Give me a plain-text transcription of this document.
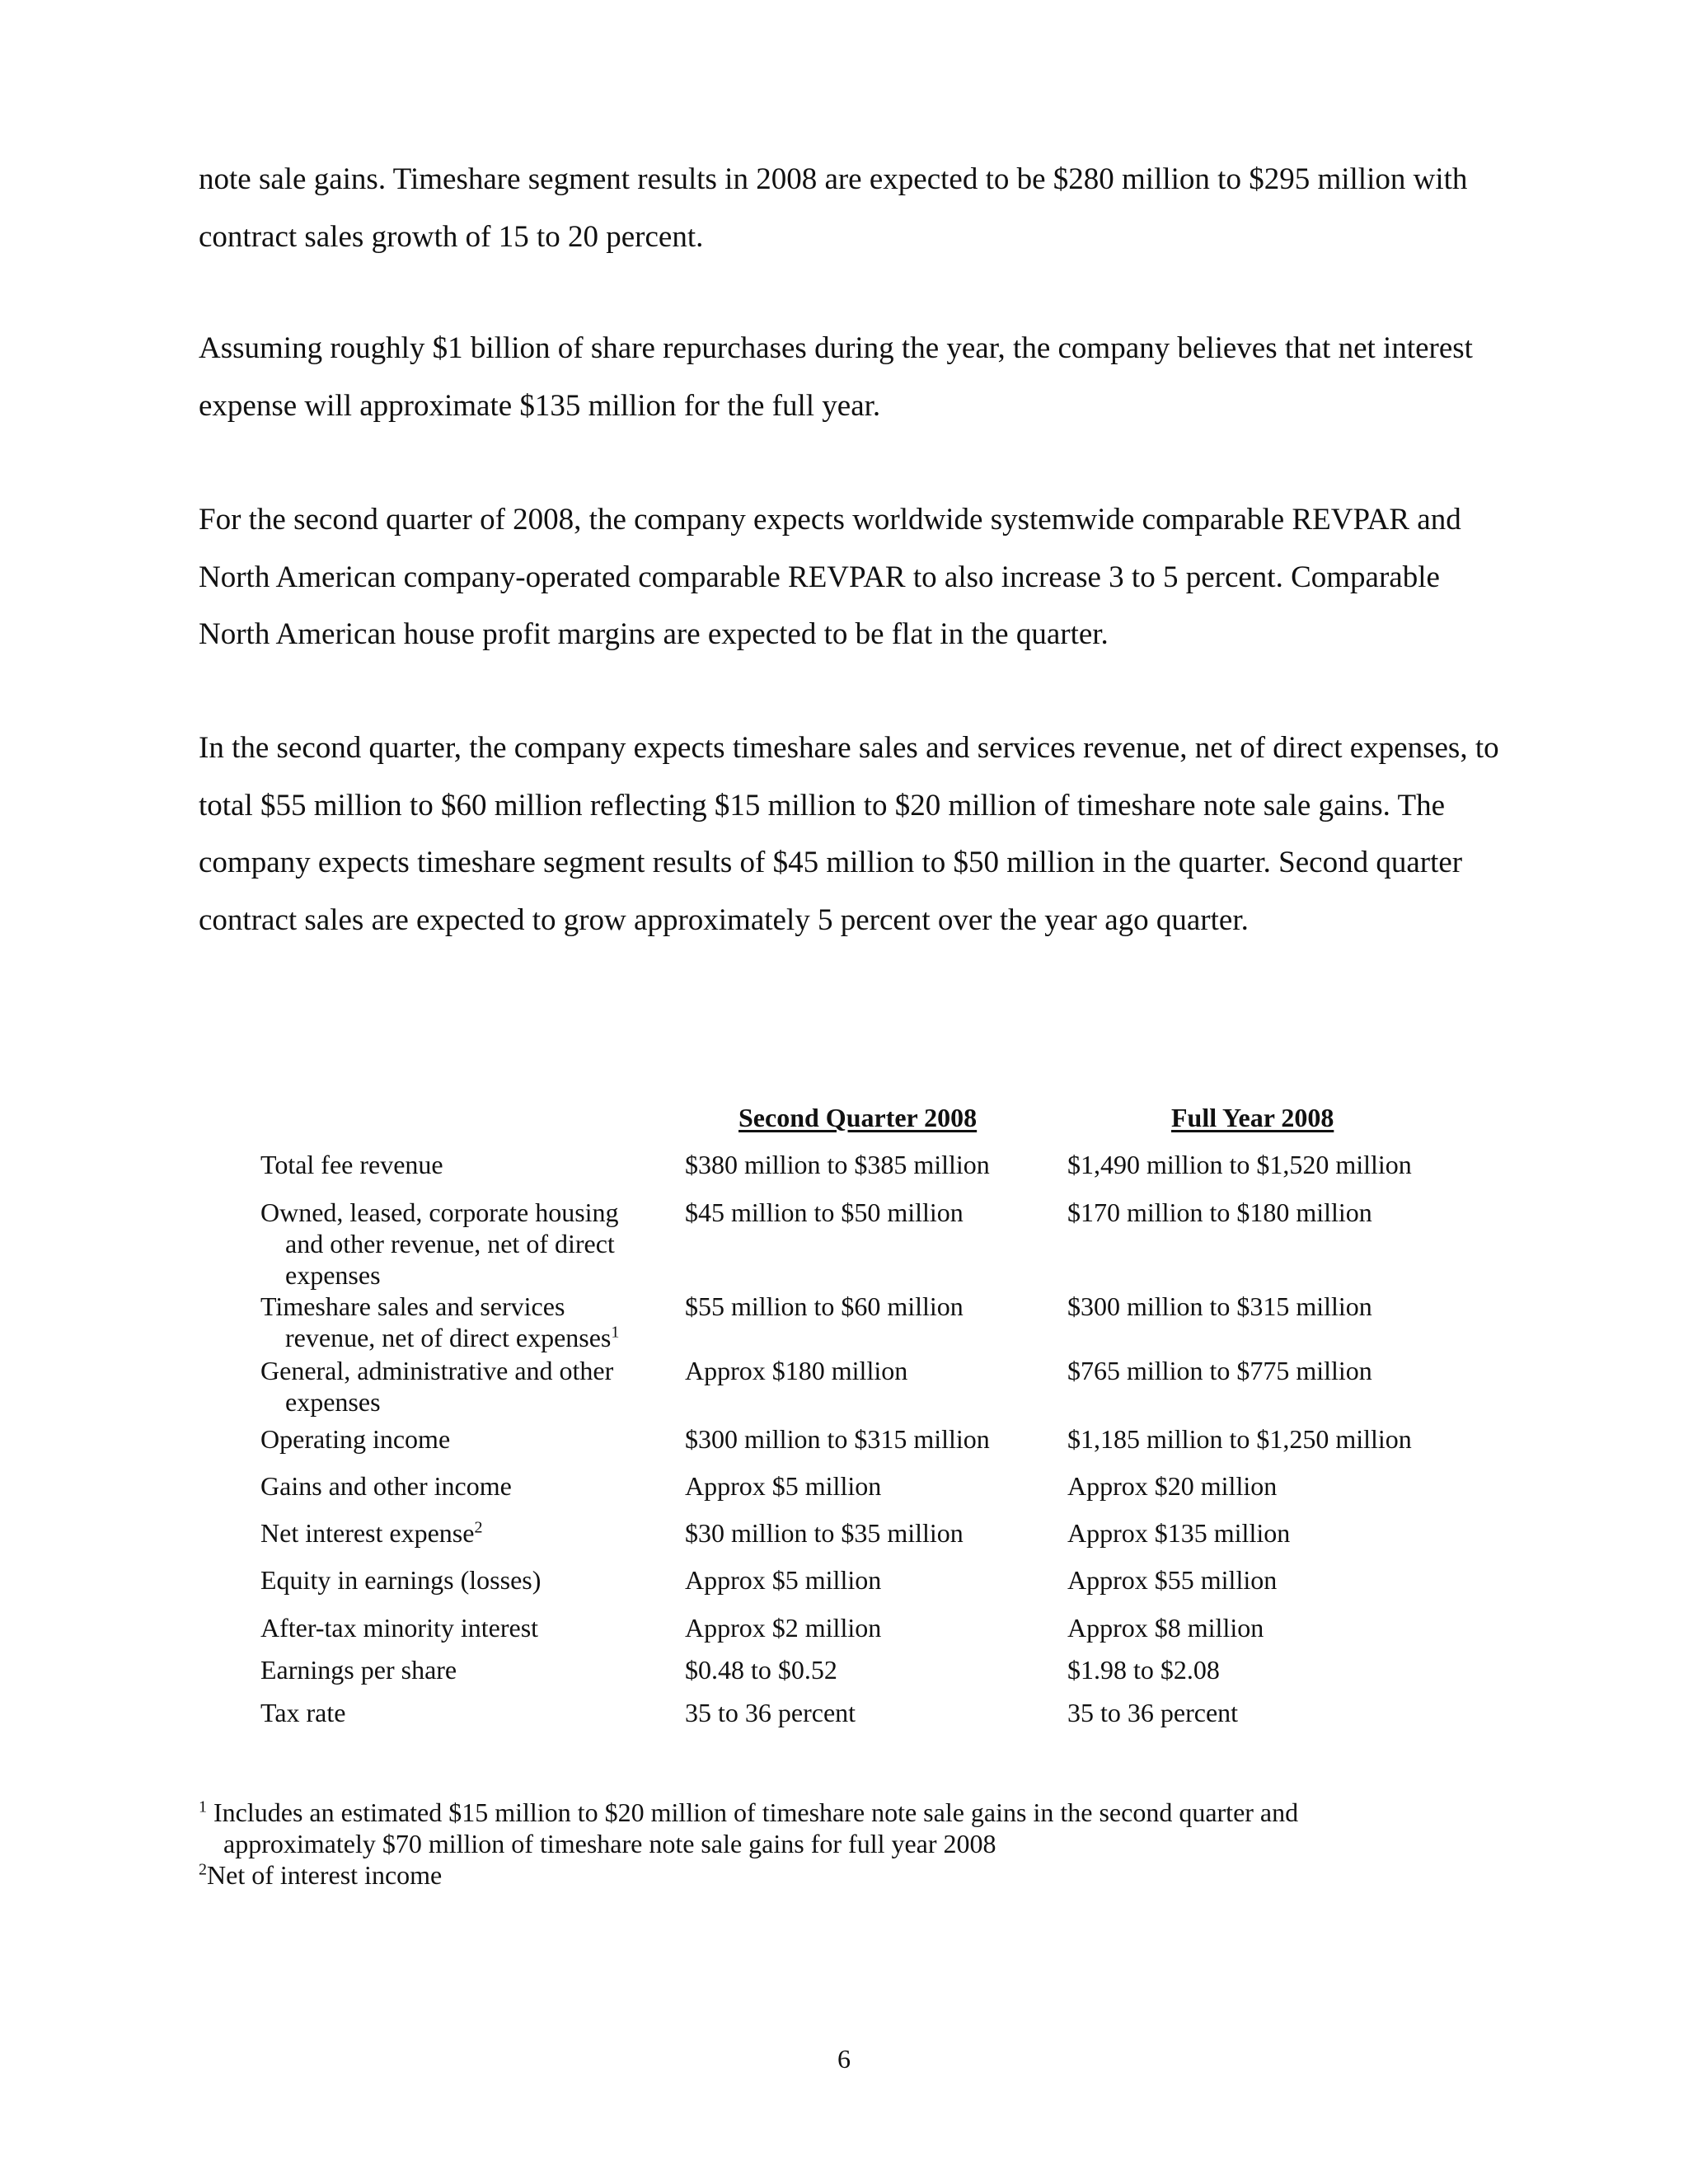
note sale gains. Timeshare segment results in 2008 are expected to be $280 million to $295 million with contract sales growth of 15 to 20 percent.

Assuming roughly $1 billion of share repurchases during the year, the company believes that net interest expense will approximate $135 million for the full year.

For the second quarter of 2008, the company expects worldwide systemwide comparable REVPAR and North American company-operated comparable REVPAR to also increase 3 to 5 percent. Comparable North American house profit margins are expected to be flat in the quarter.

In the second quarter, the company expects timeshare sales and services revenue, net of direct expenses, to total $55 million to $60 million reflecting $15 million to $20 million of timeshare note sale gains. The company expects timeshare segment results of $45 million to $50 million in the quarter. Second quarter contract sales are expected to grow approximately 5 percent over the year ago quarter.

Second Quarter 2008	Full Year 2008
Total fee revenue	$380 million to $385 million	$1,490 million to $1,520 million
Owned, leased, corporate housing
and other revenue, net of direct expenses
$45 million to $50 million	$170 million to $180 million
Timeshare sales and services
revenue, net of direct expenses$^1$
$55 million to $60 million	$300 million to $315 million
General, administrative and other
expenses
Approx $180 million	$765 million to $775 million
Operating income	$300 million to $315 million	$1,185 million to $1,250 million
Gains and other income	Approx $5 million	Approx $20 million
Net interest expense$^2$	$30 million to $35 million	Approx $135 million
Equity in earnings (losses)	Approx $5 million	Approx $55 million
After-tax minority interest	Approx $2 million	Approx $8 million
Earnings per share	$0.48 to $0.52	$1.98 to $2.08
Tax rate	35 to 36 percent	35 to 36 percent
$^1$ Includes an estimated $15 million to $20 million of timeshare note sale gains in the second quarter and
approximately $70 million of timeshare note sale gains for full year 2008
$^2$Net of interest income
6
